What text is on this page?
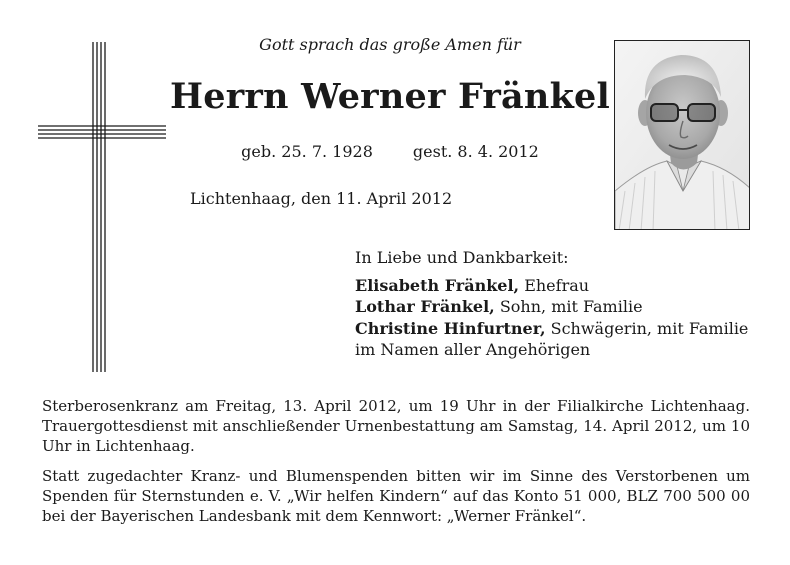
Gott sprach das große Amen für
Herrn Werner Fränkel
geb. 25. 7. 1928	gest. 8. 4. 2012
Lichtenhaag, den 11. April 2012

In Liebe und Dankbarkeit:

Elisabeth Fränkel, Ehefrau

Lothar Fränkel, Sohn, mit Familie

Christine Hinfurtner, Schwägerin, mit Familie

im Namen aller Angehörigen

Sterberosenkranz am Freitag, 13. April 2012, um 19 Uhr in der Filialkirche Lichtenhaag. Trauergottesdienst mit anschließender Urnenbestattung am Samstag, 14. April 2012, um 10 Uhr in Lichtenhaag.

Statt zugedachter Kranz- und Blumenspenden bitten wir im Sinne des Verstorbenen um Spenden für Sternstunden e. V. „Wir helfen Kindern“ auf das Konto 51 000, BLZ 700 500 00 bei der Bayerischen Landesbank mit dem Kennwort: „Werner Fränkel“.
